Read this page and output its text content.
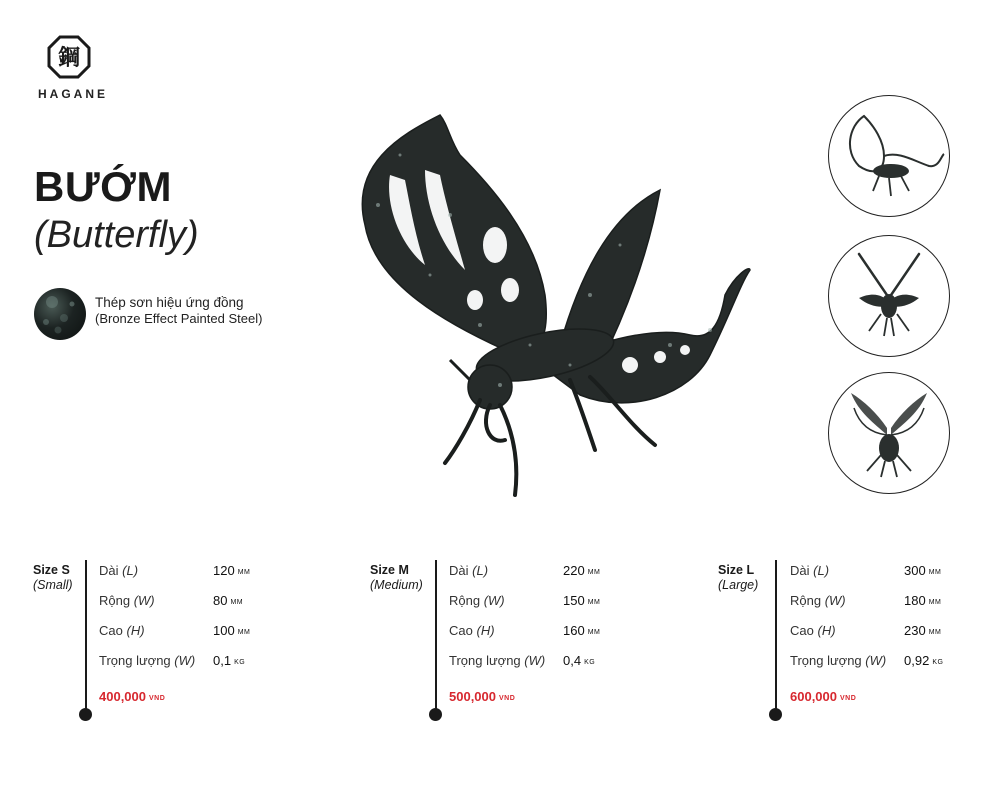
鋼
HAGANE
BƯỚM
(Butterfly)
Thép sơn hiệu ứng đồng
(Bronze Effect Painted Steel)
Size S
(Small)
Dài (L)	120 MM
Rộng (W)	80 MM
Cao (H)	100 MM
Trọng lượng (W) 0,1 KG
400,000 VND
Size M
(Medium)
Dài (L)	220 MM
Rộng (W)	150 MM
Cao (H)	160 MM
Trọng lượng (W) 0,4 KG
500,000 VND
Size L
(Large)
Dài (L)	300 MM
Rộng (W)	180 MM
Cao (H)	230 MM
Trọng lượng (W) 0,92 KG
600,000 VND
